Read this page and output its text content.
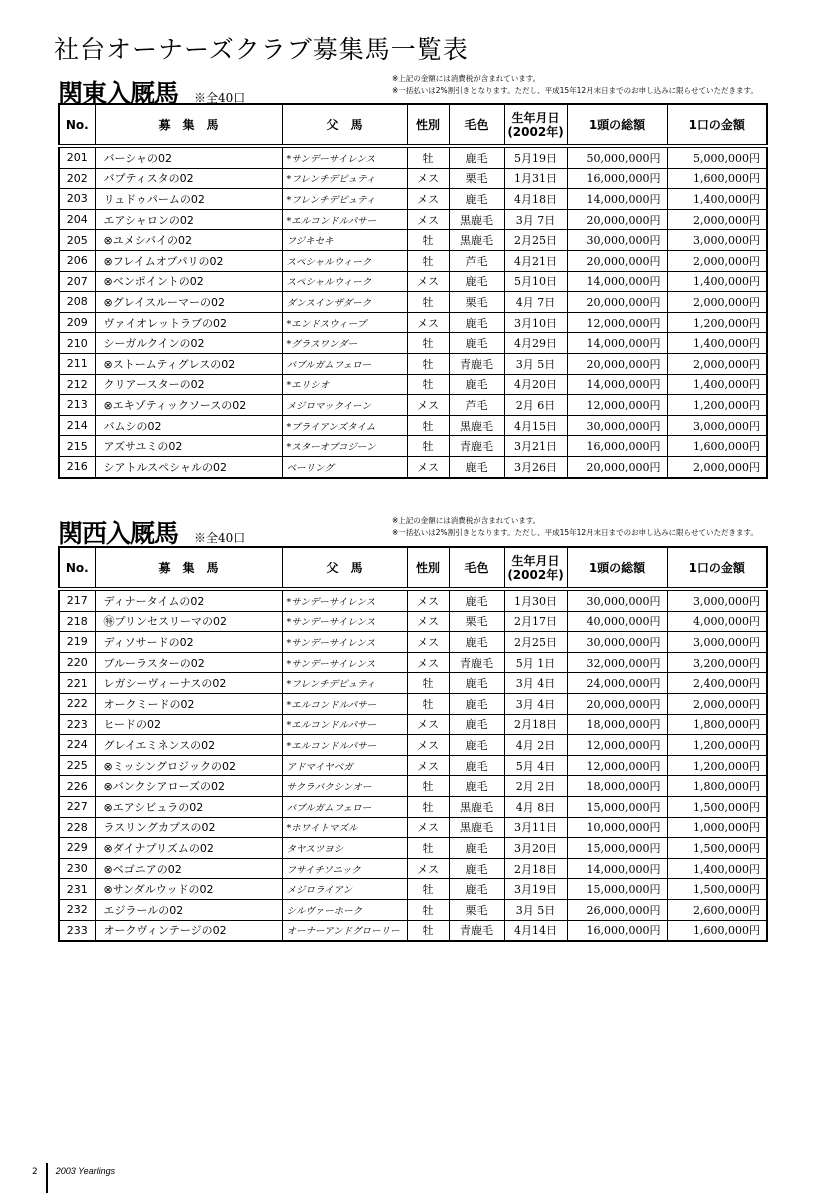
社台オーナーズクラブ募集馬一覧表
関東入厩馬 ※全40口
※上記の金額には消費税が含まれています。
※一括払いは2%割引きとなります。ただし、平成15年12月末日までのお申し込みに限らせていただきます。
No.	募　集　馬	父　馬	性別	毛色	生年月日
(2002年)	1頭の総額	1口の金額
201	バーシャの02	*サンデーサイレンス	牡	鹿毛	5月19日	50,000,000円	5,000,000円
202	バプティスタの02	*フレンチデピュティ	メス	栗毛	1月31日	16,000,000円	1,600,000円
203	リュドゥパームの02	*フレンチデピュティ	メス	鹿毛	4月18日	14,000,000円	1,400,000円
204	エアシャロンの02	*エルコンドルパサー	メス	黒鹿毛	3月 7日	20,000,000円	2,000,000円
205	⊗ユメシバイの02	フジキセキ	牡	黒鹿毛	2月25日	30,000,000円	3,000,000円
206	⊗フレイムオブパリの02	スペシャルウィーク	牡	芦毛	4月21日	20,000,000円	2,000,000円
207	⊗ベンポイントの02	スペシャルウィーク	メス	鹿毛	5月10日	14,000,000円	1,400,000円
208	⊗グレイスルーマーの02	ダンスインザダーク	牡	栗毛	4月 7日	20,000,000円	2,000,000円
209	ヴァイオレットラブの02	*エンドスウィープ	メス	鹿毛	3月10日	12,000,000円	1,200,000円
210	シーガルクインの02	*グラスワンダー	牡	鹿毛	4月29日	14,000,000円	1,400,000円
211	⊗ストームティグレスの02	バブルガムフェロー	牡	青鹿毛	3月 5日	20,000,000円	2,000,000円
212	クリアースターの02	*エリシオ	牡	鹿毛	4月20日	14,000,000円	1,400,000円
213	⊗エキゾティックソースの02	メジロマックイーン	メス	芦毛	2月 6日	12,000,000円	1,200,000円
214	バムシの02	*ブライアンズタイム	牡	黒鹿毛	4月15日	30,000,000円	3,000,000円
215	アズサユミの02	*スターオブコジーン	牡	青鹿毛	3月21日	16,000,000円	1,600,000円
216	シアトルスペシャルの02	ベーリング	メス	鹿毛	3月26日	20,000,000円	2,000,000円
関西入厩馬 ※全40口
※上記の金額には消費税が含まれています。
※一括払いは2%割引きとなります。ただし、平成15年12月末日までのお申し込みに限らせていただきます。
No.	募　集　馬	父　馬	性別	毛色	生年月日
(2002年)	1頭の総額	1口の金額
217	ディナータイムの02	*サンデーサイレンス	メス	鹿毛	1月30日	30,000,000円	3,000,000円
218	㊕プリンセスリーマの02	*サンデーサイレンス	メス	栗毛	2月17日	40,000,000円	4,000,000円
219	ディソサードの02	*サンデーサイレンス	メス	鹿毛	2月25日	30,000,000円	3,000,000円
220	ブルーラスターの02	*サンデーサイレンス	メス	青鹿毛	5月 1日	32,000,000円	3,200,000円
221	レガシーヴィーナスの02	*フレンチデピュティ	牡	鹿毛	3月 4日	24,000,000円	2,400,000円
222	オークミードの02	*エルコンドルパサー	牡	鹿毛	3月 4日	20,000,000円	2,000,000円
223	ヒードの02	*エルコンドルパサー	メス	鹿毛	2月18日	18,000,000円	1,800,000円
224	グレイエミネンスの02	*エルコンドルパサー	メス	鹿毛	4月 2日	12,000,000円	1,200,000円
225	⊗ミッシングロジックの02	アドマイヤベガ	メス	鹿毛	5月 4日	12,000,000円	1,200,000円
226	⊗バンクシアローズの02	サクラバクシンオー	牡	鹿毛	2月 2日	18,000,000円	1,800,000円
227	⊗エアシビュラの02	バブルガムフェロー	牡	黒鹿毛	4月 8日	15,000,000円	1,500,000円
228	ラスリングカプスの02	*ホワイトマズル	メス	黒鹿毛	3月11日	10,000,000円	1,000,000円
229	⊗ダイナプリズムの02	タヤスツヨシ	牡	鹿毛	3月20日	15,000,000円	1,500,000円
230	⊗ベゴニアの02	フサイチソニック	メス	鹿毛	2月18日	14,000,000円	1,400,000円
231	⊗サンダルウッドの02	メジロライアン	牡	鹿毛	3月19日	15,000,000円	1,500,000円
232	エジラールの02	シルヴァーホーク	牡	栗毛	3月 5日	26,000,000円	2,600,000円
233	オークヴィンテージの02	オーナーアンドグローリー	牡	青鹿毛	4月14日	16,000,000円	1,600,000円
2 2003 Yearlings
